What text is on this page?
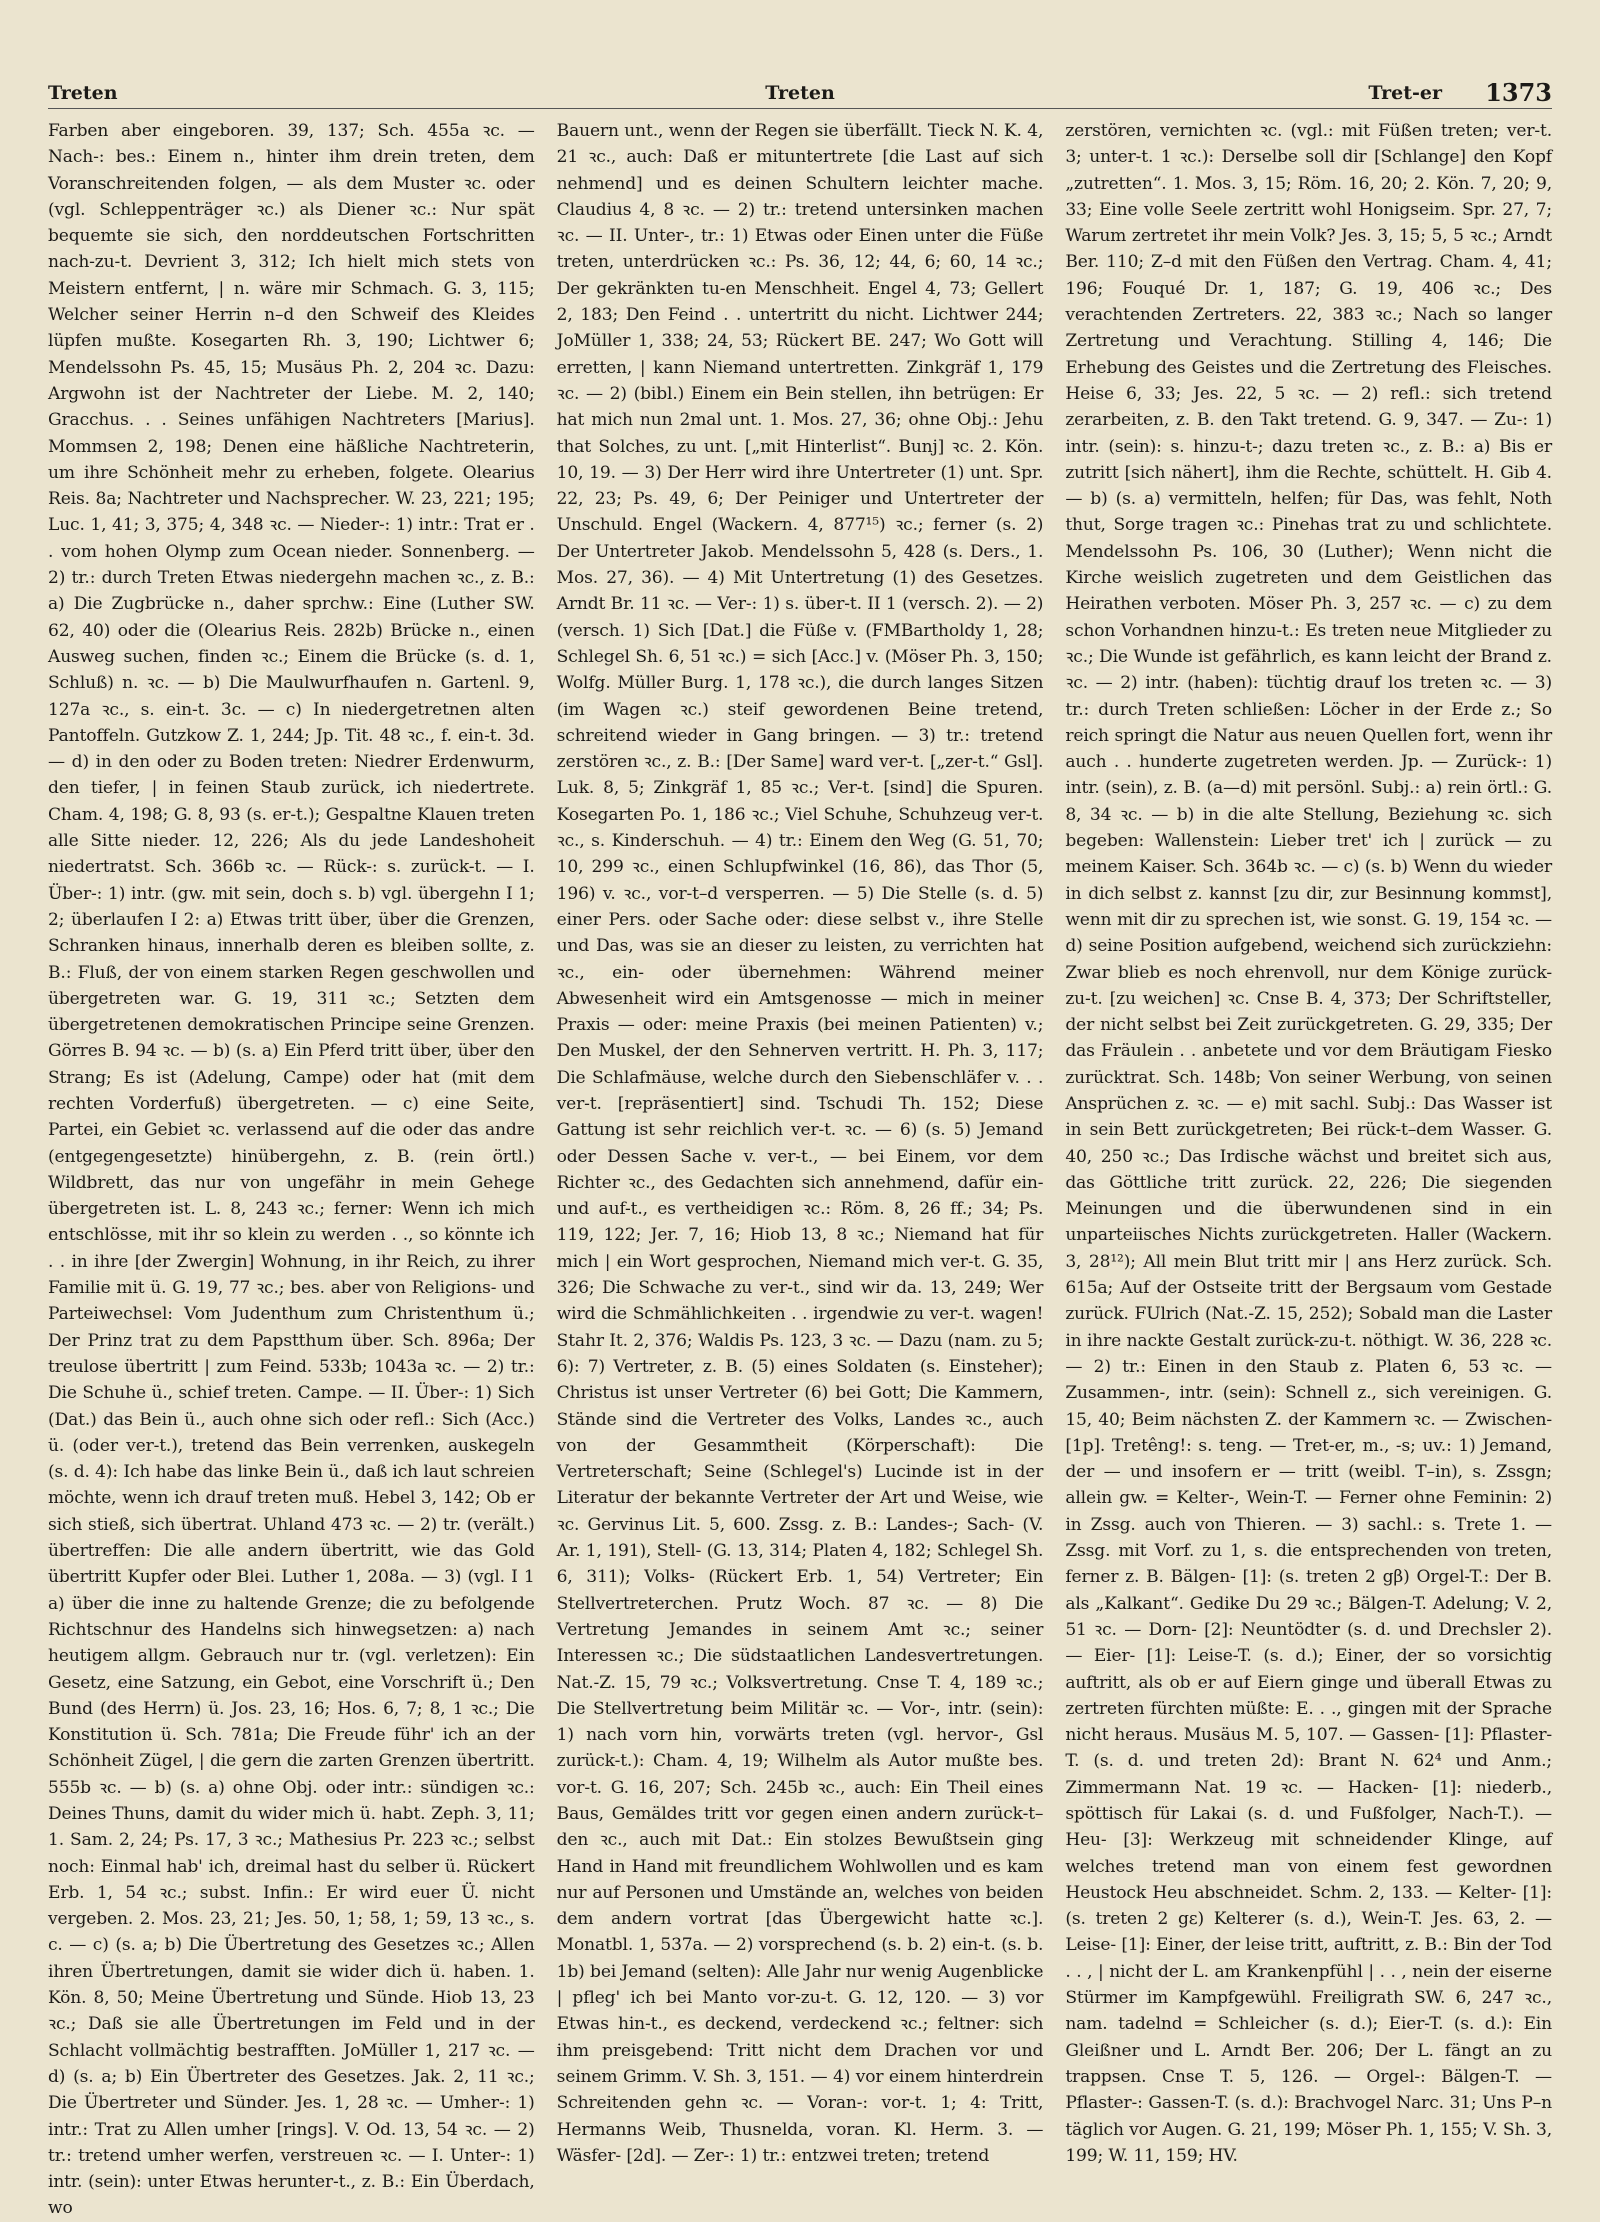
Treten	Treten	Tret-er 1373

Farben aber eingeboren. 39, 137; Sch. 455a ꝛc. — Nach-: bes.: Einem n., hinter ihm drein treten, dem Voranschreitenden folgen, — als dem Muster ꝛc. oder (vgl. Schleppenträger ꝛc.) als Diener ꝛc.: Nur spät bequemte sie sich, den norddeutschen Fortschritten nach-zu-t. Devrient 3, 312; Ich hielt mich stets von Meistern entfernt, | n. wäre mir Schmach. G. 3, 115; Welcher seiner Herrin n–d den Schweif des Kleides lüpfen mußte. Kosegarten Rh. 3, 190; Lichtwer 6; Mendelssohn Ps. 45, 15; Musäus Ph. 2, 204 ꝛc. Dazu: Argwohn ist der Nachtreter der Liebe. M. 2, 140; Gracchus. . . Seines unfähigen Nachtreters [Marius]. Mommsen 2, 198; Denen eine häßliche Nachtreterin, um ihre Schönheit mehr zu erheben, folgete. Olearius Reis. 8a; Nachtreter und Nachsprecher. W. 23, 221; 195; Luc. 1, 41; 3, 375; 4, 348 ꝛc. — Nieder-: 1) intr.: Trat er . . vom hohen Olymp zum Ocean nieder. Sonnenberg. — 2) tr.: durch Treten Etwas niedergehn machen ꝛc., z. B.: a) Die Zugbrücke n., daher sprchw.: Eine (Luther SW. 62, 40) oder die (Olearius Reis. 282b) Brücke n., einen Ausweg suchen, finden ꝛc.; Einem die Brücke (s. d. 1, Schluß) n. ꝛc. — b) Die Maulwurfhaufen n. Gartenl. 9, 127a ꝛc., s. ein-t. 3c. — c) In niedergetretnen alten Pantoffeln. Gutzkow Z. 1, 244; Jp. Tit. 48 ꝛc., f. ein-t. 3d. — d) in den oder zu Boden treten: Niedrer Erdenwurm, den tiefer, | in feinen Staub zurück, ich niedertrete. Cham. 4, 198; G. 8, 93 (s. er-t.); Gespaltne Klauen treten alle Sitte nieder. 12, 226; Als du jede Landeshoheit niedertratst. Sch. 366b ꝛc. — Rück-: s. zurück-t. — I. Über-: 1) intr. (gw. mit sein, doch s. b) vgl. übergehn I 1; 2; überlaufen I 2: a) Etwas tritt über, über die Grenzen, Schranken hinaus, innerhalb deren es bleiben sollte, z. B.: Fluß, der von einem starken Regen geschwollen und übergetreten war. G. 19, 311 ꝛc.; Setzten dem übergetretenen demokratischen Principe seine Grenzen. Görres B. 94 ꝛc. — b) (s. a) Ein Pferd tritt über, über den Strang; Es ist (Adelung, Campe) oder hat (mit dem rechten Vorderfuß) übergetreten. — c) eine Seite, Partei, ein Gebiet ꝛc. verlassend auf die oder das andre (entgegengesetzte) hinübergehn, z. B. (rein örtl.) Wildbrett, das nur von ungefähr in mein Gehege übergetreten ist. L. 8, 243 ꝛc.; ferner: Wenn ich mich entschlösse, mit ihr so klein zu werden . ., so könnte ich . . in ihre [der Zwergin] Wohnung, in ihr Reich, zu ihrer Familie mit ü. G. 19, 77 ꝛc.; bes. aber von Religions- und Parteiwechsel: Vom Judenthum zum Christenthum ü.; Der Prinz trat zu dem Papstthum über. Sch. 896a; Der treulose übertritt | zum Feind. 533b; 1043a ꝛc. — 2) tr.: Die Schuhe ü., schief treten. Campe. — II. Über-: 1) Sich (Dat.) das Bein ü., auch ohne sich oder refl.: Sich (Acc.) ü. (oder ver-t.), tretend das Bein verrenken, auskegeln (s. d. 4): Ich habe das linke Bein ü., daß ich laut schreien möchte, wenn ich drauf treten muß. Hebel 3, 142; Ob er sich stieß, sich übertrat. Uhland 473 ꝛc. — 2) tr. (verält.) übertreffen: Die alle andern übertritt, wie das Gold übertritt Kupfer oder Blei. Luther 1, 208a. — 3) (vgl. I 1 a) über die inne zu haltende Grenze; die zu befolgende Richtschnur des Handelns sich hinwegsetzen: a) nach heutigem allgm. Gebrauch nur tr. (vgl. verletzen): Ein Gesetz, eine Satzung, ein Gebot, eine Vorschrift ü.; Den Bund (des Herrn) ü. Jos. 23, 16; Hos. 6, 7; 8, 1 ꝛc.; Die Konstitution ü. Sch. 781a; Die Freude führ' ich an der Schönheit Zügel, | die gern die zarten Grenzen übertritt. 555b ꝛc. — b) (s. a) ohne Obj. oder intr.: sündigen ꝛc.: Deines Thuns, damit du wider mich ü. habt. Zeph. 3, 11; 1. Sam. 2, 24; Ps. 17, 3 ꝛc.; Mathesius Pr. 223 ꝛc.; selbst noch: Einmal hab' ich, dreimal hast du selber ü. Rückert Erb. 1, 54 ꝛc.; subst. Infin.: Er wird euer Ü. nicht vergeben. 2. Mos. 23, 21; Jes. 50, 1; 58, 1; 59, 13 ꝛc., s. c. — c) (s. a; b) Die Übertretung des Gesetzes ꝛc.; Allen ihren Übertretungen, damit sie wider dich ü. haben. 1. Kön. 8, 50; Meine Übertretung und Sünde. Hiob 13, 23 ꝛc.; Daß sie alle Übertretungen im Feld und in der Schlacht vollmächtig bestrafften. JoMüller 1, 217 ꝛc. — d) (s. a; b) Ein Übertreter des Gesetzes. Jak. 2, 11 ꝛc.; Die Übertreter und Sünder. Jes. 1, 28 ꝛc. — Umher-: 1) intr.: Trat zu Allen umher [rings]. V. Od. 13, 54 ꝛc. — 2) tr.: tretend umher werfen, verstreuen ꝛc. — I. Unter-: 1) intr. (sein): unter Etwas herunter-t., z. B.: Ein Überdach, wo

Bauern unt., wenn der Regen sie überfällt. Tieck N. K. 4, 21 ꝛc., auch: Daß er mituntertrete [die Last auf sich nehmend] und es deinen Schultern leichter mache. Claudius 4, 8 ꝛc. — 2) tr.: tretend untersinken machen ꝛc. — II. Unter-, tr.: 1) Etwas oder Einen unter die Füße treten, unterdrücken ꝛc.: Ps. 36, 12; 44, 6; 60, 14 ꝛc.; Der gekränkten tu-en Menschheit. Engel 4, 73; Gellert 2, 183; Den Feind . . untertritt du nicht. Lichtwer 244; JoMüller 1, 338; 24, 53; Rückert BE. 247; Wo Gott will erretten, | kann Niemand untertretten. Zinkgräf 1, 179 ꝛc. — 2) (bibl.) Einem ein Bein stellen, ihn betrügen: Er hat mich nun 2mal unt. 1. Mos. 27, 36; ohne Obj.: Jehu that Solches, zu unt. [„mit Hinterlist“. Bunj] ꝛc. 2. Kön. 10, 19. — 3) Der Herr wird ihre Untertreter (1) unt. Spr. 22, 23; Ps. 49, 6; Der Peiniger und Untertreter der Unschuld. Engel (Wackern. 4, 877¹⁵) ꝛc.; ferner (s. 2) Der Untertreter Jakob. Mendelssohn 5, 428 (s. Ders., 1. Mos. 27, 36). — 4) Mit Untertretung (1) des Gesetzes. Arndt Br. 11 ꝛc. — Ver-: 1) s. über-t. II 1 (versch. 2). — 2) (versch. 1) Sich [Dat.] die Füße v. (FMBartholdy 1, 28; Schlegel Sh. 6, 51 ꝛc.) = sich [Acc.] v. (Möser Ph. 3, 150; Wolfg. Müller Burg. 1, 178 ꝛc.), die durch langes Sitzen (im Wagen ꝛc.) steif gewordenen Beine tretend, schreitend wieder in Gang bringen. — 3) tr.: tretend zerstören ꝛc., z. B.: [Der Same] ward ver-t. [„zer-t.“ Gsl]. Luk. 8, 5; Zinkgräf 1, 85 ꝛc.; Ver-t. [sind] die Spuren. Kosegarten Po. 1, 186 ꝛc.; Viel Schuhe, Schuhzeug ver-t. ꝛc., s. Kinderschuh. — 4) tr.: Einem den Weg (G. 51, 70; 10, 299 ꝛc., einen Schlupfwinkel (16, 86), das Thor (5, 196) v. ꝛc., vor-t–d versperren. — 5) Die Stelle (s. d. 5) einer Pers. oder Sache oder: diese selbst v., ihre Stelle und Das, was sie an dieser zu leisten, zu verrichten hat ꝛc., ein- oder übernehmen: Während meiner Abwesenheit wird ein Amtsgenosse — mich in meiner Praxis — oder: meine Praxis (bei meinen Patienten) v.; Den Muskel, der den Sehnerven vertritt. H. Ph. 3, 117; Die Schlafmäuse, welche durch den Siebenschläfer v. . . ver-t. [repräsentiert] sind. Tschudi Th. 152; Diese Gattung ist sehr reichlich ver-t. ꝛc. — 6) (s. 5) Jemand oder Dessen Sache v. ver-t., — bei Einem, vor dem Richter ꝛc., des Gedachten sich annehmend, dafür ein- und auf-t., es vertheidigen ꝛc.: Röm. 8, 26 ff.; 34; Ps. 119, 122; Jer. 7, 16; Hiob 13, 8 ꝛc.; Niemand hat für mich | ein Wort gesprochen, Niemand mich ver-t. G. 35, 326; Die Schwache zu ver-t., sind wir da. 13, 249; Wer wird die Schmählichkeiten . . irgendwie zu ver-t. wagen! Stahr It. 2, 376; Waldis Ps. 123, 3 ꝛc. — Dazu (nam. zu 5; 6): 7) Vertreter, z. B. (5) eines Soldaten (s. Einsteher); Christus ist unser Vertreter (6) bei Gott; Die Kammern, Stände sind die Vertreter des Volks, Landes ꝛc., auch von der Gesammtheit (Körperschaft): Die Vertreterschaft; Seine (Schlegel's) Lucinde ist in der Literatur der bekannte Vertreter der Art und Weise, wie ꝛc. Gervinus Lit. 5, 600. Zssg. z. B.: Landes-; Sach- (V. Ar. 1, 191), Stell- (G. 13, 314; Platen 4, 182; Schlegel Sh. 6, 311); Volks- (Rückert Erb. 1, 54) Vertreter; Ein Stellvertreterchen. Prutz Woch. 87 ꝛc. — 8) Die Vertretung Jemandes in seinem Amt ꝛc.; seiner Interessen ꝛc.; Die südstaatlichen Landesvertretungen. Nat.-Z. 15, 79 ꝛc.; Volksvertretung. Cnse T. 4, 189 ꝛc.; Die Stellvertretung beim Militär ꝛc. — Vor-, intr. (sein): 1) nach vorn hin, vorwärts treten (vgl. hervor-, Gsl zurück-t.): Cham. 4, 19; Wilhelm als Autor mußte bes. vor-t. G. 16, 207; Sch. 245b ꝛc., auch: Ein Theil eines Baus, Gemäldes tritt vor gegen einen andern zurück-t–den ꝛc., auch mit Dat.: Ein stolzes Bewußtsein ging Hand in Hand mit freundlichem Wohlwollen und es kam nur auf Personen und Umstände an, welches von beiden dem andern vortrat [das Übergewicht hatte ꝛc.]. Monatbl. 1, 537a. — 2) vorsprechend (s. b. 2) ein-t. (s. b. 1b) bei Jemand (selten): Alle Jahr nur wenig Augenblicke | pfleg' ich bei Manto vor-zu-t. G. 12, 120. — 3) vor Etwas hin-t., es deckend, verdeckend ꝛc.; feltner: sich ihm preisgebend: Tritt nicht dem Drachen vor und seinem Grimm. V. Sh. 3, 151. — 4) vor einem hinterdrein Schreitenden gehn ꝛc. — Voran-: vor-t. 1; 4: Tritt, Hermanns Weib, Thusnelda, voran. Kl. Herm. 3. — Wäsfer- [2d]. — Zer-: 1) tr.: entzwei treten; tretend

zerstören, vernichten ꝛc. (vgl.: mit Füßen treten; ver-t. 3; unter-t. 1 ꝛc.): Derselbe soll dir [Schlange] den Kopf „zutretten“. 1. Mos. 3, 15; Röm. 16, 20; 2. Kön. 7, 20; 9, 33; Eine volle Seele zertritt wohl Honigseim. Spr. 27, 7; Warum zertretet ihr mein Volk? Jes. 3, 15; 5, 5 ꝛc.; Arndt Ber. 110; Z–d mit den Füßen den Vertrag. Cham. 4, 41; 196; Fouqué Dr. 1, 187; G. 19, 406 ꝛc.; Des verachtenden Zertreters. 22, 383 ꝛc.; Nach so langer Zertretung und Verachtung. Stilling 4, 146; Die Erhebung des Geistes und die Zertretung des Fleisches. Heise 6, 33; Jes. 22, 5 ꝛc. — 2) refl.: sich tretend zerarbeiten, z. B. den Takt tretend. G. 9, 347. — Zu-: 1) intr. (sein): s. hinzu-t-; dazu treten ꝛc., z. B.: a) Bis er zutritt [sich nähert], ihm die Rechte, schüttelt. H. Gib 4. — b) (s. a) vermitteln, helfen; für Das, was fehlt, Noth thut, Sorge tragen ꝛc.: Pinehas trat zu und schlichtete. Mendelssohn Ps. 106, 30 (Luther); Wenn nicht die Kirche weislich zugetreten und dem Geistlichen das Heirathen verboten. Möser Ph. 3, 257 ꝛc. — c) zu dem schon Vorhandnen hinzu-t.: Es treten neue Mitglieder zu ꝛc.; Die Wunde ist gefährlich, es kann leicht der Brand z. ꝛc. — 2) intr. (haben): tüchtig drauf los treten ꝛc. — 3) tr.: durch Treten schließen: Löcher in der Erde z.; So reich springt die Natur aus neuen Quellen fort, wenn ihr auch . . hunderte zugetreten werden. Jp. — Zurück-: 1) intr. (sein), z. B. (a—d) mit persönl. Subj.: a) rein örtl.: G. 8, 34 ꝛc. — b) in die alte Stellung, Beziehung ꝛc. sich begeben: Wallenstein: Lieber tret' ich | zurück — zu meinem Kaiser. Sch. 364b ꝛc. — c) (s. b) Wenn du wieder in dich selbst z. kannst [zu dir, zur Besinnung kommst], wenn mit dir zu sprechen ist, wie sonst. G. 19, 154 ꝛc. — d) seine Position aufgebend, weichend sich zurückziehn: Zwar blieb es noch ehrenvoll, nur dem Könige zurück-zu-t. [zu weichen] ꝛc. Cnse B. 4, 373; Der Schriftsteller, der nicht selbst bei Zeit zurückgetreten. G. 29, 335; Der das Fräulein . . anbetete und vor dem Bräutigam Fiesko zurücktrat. Sch. 148b; Von seiner Werbung, von seinen Ansprüchen z. ꝛc. — e) mit sachl. Subj.: Das Wasser ist in sein Bett zurückgetreten; Bei rück-t–dem Wasser. G. 40, 250 ꝛc.; Das Irdische wächst und breitet sich aus, das Göttliche tritt zurück. 22, 226; Die siegenden Meinungen und die überwundenen sind in ein unparteiisches Nichts zurückgetreten. Haller (Wackern. 3, 28¹²); All mein Blut tritt mir | ans Herz zurück. Sch. 615a; Auf der Ostseite tritt der Bergsaum vom Gestade zurück. FUlrich (Nat.-Z. 15, 252); Sobald man die Laster in ihre nackte Gestalt zurück-zu-t. nöthigt. W. 36, 228 ꝛc. — 2) tr.: Einen in den Staub z. Platen 6, 53 ꝛc. — Zusammen-, intr. (sein): Schnell z., sich vereinigen. G. 15, 40; Beim nächsten Z. der Kammern ꝛc. — Zwischen- [1p]. Tretêng!: s. teng. — Tret-er, m., -s; uv.: 1) Jemand, der — und insofern er — tritt (weibl. T–in), s. Zssgn; allein gw. = Kelter-, Wein-T. — Ferner ohne Feminin: 2) in Zssg. auch von Thieren. — 3) sachl.: s. Trete 1. — Zssg. mit Vorf. zu 1, s. die entsprechenden von treten, ferner z. B. Bälgen- [1]: (s. treten 2 gβ) Orgel-T.: Der B. als „Kalkant“. Gedike Du 29 ꝛc.; Bälgen-T. Adelung; V. 2, 51 ꝛc. — Dorn- [2]: Neuntödter (s. d. und Drechsler 2). — Eier- [1]: Leise-T. (s. d.); Einer, der so vorsichtig auftritt, als ob er auf Eiern ginge und überall Etwas zu zertreten fürchten müßte: E. . ., gingen mit der Sprache nicht heraus. Musäus M. 5, 107. — Gassen- [1]: Pflaster-T. (s. d. und treten 2d): Brant N. 62⁴ und Anm.; Zimmermann Nat. 19 ꝛc. — Hacken- [1]: niederb., spöttisch für Lakai (s. d. und Fußfolger, Nach-T.). — Heu- [3]: Werkzeug mit schneidender Klinge, auf welches tretend man von einem fest gewordnen Heustock Heu abschneidet. Schm. 2, 133. — Kelter- [1]: (s. treten 2 gε) Kelterer (s. d.), Wein-T. Jes. 63, 2. — Leise- [1]: Einer, der leise tritt, auftritt, z. B.: Bin der Tod . . , | nicht der L. am Krankenpfühl | . . , nein der eiserne Stürmer im Kampfgewühl. Freiligrath SW. 6, 247 ꝛc., nam. tadelnd = Schleicher (s. d.); Eier-T. (s. d.): Ein Gleißner und L. Arndt Ber. 206; Der L. fängt an zu trappsen. Cnse T. 5, 126. — Orgel-: Bälgen-T. — Pflaster-: Gassen-T. (s. d.): Brachvogel Narc. 31; Uns P–n täglich vor Augen. G. 21, 199; Möser Ph. 1, 155; V. Sh. 3, 199; W. 11, 159; HV.
